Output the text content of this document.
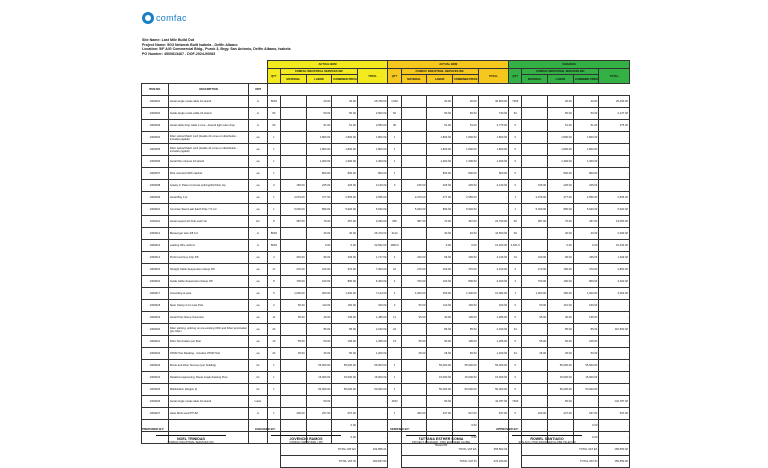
comfac
Site Name: Last Mile Build Out
Project Name: 5G3 Network Built Isabela - Delfin Albano
Location: 5/F A/G Commercial Bldg., Purok 3, Brgy. San Antonio, Delfin Albano, Isabela
PO Number: 4500813467 - DOF-2024-00083
			ACTUAL BOM					ACTUAL BOM					VARIANCE				
			QTY	COMFAC INDUSTRIAL SERVICES INC			TOTAL	QTY	COMFAC INDUSTRIAL SERVICES INC			TOTAL	QTY	COMFAC INDUSTRIAL SERVICES INC			TOTAL
				MATERIAL	LABOR	COMBINED PRICE			MATERIAL	LABOR	COMBINED PRICE			MATERIAL	LABOR	COMBINED PRICE	
ITEM NO.	DESCRIPTION	UNIT															
1000001	Aerial single mode cable 24 strand	m	8603		20.00	20.00	25,769.00	1,540		20.00	20.00	30,800.00	7063		20.00	20.00	25,460.00
1000002	Guide single mode cable 24 strand	m	50		50.00	50.00	2,500.00	52		50.00	50.00	730.00	52		50.00	50.00	2,147.00
1000003	Aerial cable drop cable 2 core - Aramid light outer drop	m	50		51.00	51.00	2,550.00	50		51.00	51.00	2,775.00	0		51.00	51.00	275.00
1000004	Fiber optical Patch cord (beside 24 cores on distribution - includes pigtails)	ea	1		1,800.00	1,800.00	1,800.00	1		1,800.00	1,800.00	1,800.00	0		1,800.00	1,800.00	-
1000005	Fiber optical Patch cord (beside 24 cores on distribution - includes pigtails)	ea	1		1,800.00	1,800.00	1,800.00	1		1,800.00	1,800.00	1,800.00	0		1,800.00	1,800.00	-
1000006	Aerial fiber closure 24 strand	ea	1		1,300.00	1,300.00	1,300.00	1		1,300.00	1,300.00	1,300.00	0		1,300.00	1,300.00	-
1000007	Pole mounted ODF cabinet	ea	1		800.00	800.00	800.00	1		800.00	800.00	800.00	0		800.00	800.00	-
1000008	Gravity in Place Concrete splicing/bld Fiber top	ea	3	165.00	225.00	225.00	3,130.00	3	165.00	225.00	225.00	3,130.00	0	165.00	225.00	225.00	-
1000009	Aerial Bay 3 pr	ea	1	2,079.00	477.00	2,556.00	2,556.00		2,079.00	477.00	2,556.00	-	1	2,079.00	477.00	2,556.00	2,556.00
1000010	Concrete Steel Lash Earth Pole 7.5 mtr	ea	1	5,030.00	890.00	5,920.00	5,920.00		5,030.00	890.00	5,920.00	-	1	5,030.00	890.00	5,920.00	5,920.00
1000011	Aerial support kit Pole Lash 1st	km	8	387.00	70.00	457.00	3,290.00	500	387.00	70.00	457.00	22,750.00	26	387.00	70.00	457.00	19,050.00
1000012	Messenger wire 3/8 1/4	m	8603		40.00	40.00	26,470.00	2114		40.00	40.00	44,560.00	26		40.00	40.00	2,090.00
1000013	Lashing Wire 4x0mm	m	8603		0.00	0.00	32,652.00	4080.0		0.00	0.00	16,320.00	4,521.0		0.00	0.00	16,332.00
1000014	Preformed Guy Grip 3/8	ea	4	340.00	96.00	436.00	1,717.00	4	340.00	96.00	436.00	2,136.00	13	340.00	96.00	436.00	1,309.00
1000015	Straight Cable Suspension Clamp 3/8	ea	17	270.00	100.00	370.00	7,000.00	12	270.00	100.00	370.00	3,150.00	2	270.00	100.00	370.00	3,850.00
1000016	Guide Cable Suspension Clamp 3/8	ea	8	700.00	100.00	800.00	6,400.00	4	700.00	100.00	800.00	3,200.00	4	700.00	100.00	800.00	3,200.00
1000017	Grounding at pole	ea	5	1,000.00	300.00	1,300.00	7,143.00	4	1,000.00	300.00	1,300.00	10,082.00	1	1,000.00	300.00	1,300.00	3,062.00
1000018	Span Clamp 2 ton Last Pole	ea	2	50.00	110.00	160.00	320.00	2	50.00	110.00	160.00	320.00	0	50.00	110.00	160.00	-
1000019	Aerial Pole Clamp Universal	ea	11	95.00	40.00	135.00	1,485.00	11	95.00	40.00	135.00	1,485.00	0	95.00	40.00	135.00	-
1000020	Fiber splicing, splicing on pre-existing ODF and Fiber termination (per fiber)	ea	24		85.00	85.00	2,040.00	24		85.00	85.00	2,040.00	24		85.00	85.00	110,500.00
1000021	Fiber Termination per fiber	ea	13	55.00	50.00	105.00	1,365.00	13	55.00	50.00	105.00	1,365.00	0	55.00	50.00	105.00	-
1000022	OTDR Test Reading - includes OTDR Test	ea	24	25.00	25.00	50.00	1,200.00		25.00	25.00	50.00	1,200.00	24	25.00	25.00	50.00	-
1000023	Route and Fiber Surveys (per building)	lot	1		55,000.00	55,000.00	55,000.00	1		55,000.00	55,000.00	55,000.00	0		55,000.00	55,000.00	-
1000024	Detailed engineering, Route single drawing Prep	lot	1		15,000.00	15,000.00	15,000.00	1		15,000.00	15,000.00	15,000.00	0		15,000.00	15,000.00	-
1000025	Mobilization (Region 2)	lot	1		50,000.00	50,000.00	50,000.00	1		50,000.00	50,000.00	50,000.00	0		50,000.00	50,000.00	-
1000026	Aerial single mode cable 24 strand	meter			50.00		-	1543		50.00		42,787.00	7463		50.00		142,787.00
1000027	Hoist Rock used PTUM	m	1	400.00	237.00	637.00	-	1	400.00	237.00	637.00	637.00	0	400.00	237.00	637.00	637.00
						0.00	-				0.00	-				0.00	-
						0.00	-				0.00	-				0.00	-
				TOTAL VAT EX			324,855.21		TOTAL VAT EX			255,562.32		TOTAL VAT EX			158,550.00
				TOTAL VAT IN			363,837.83		TOTAL VAT IN			276,330.00		TOTAL VAT IN			156,550.00
PREPARED BY:
NOEL TRINIDAD
COMFAC INDUSTRIAL SERVICES INC.
CHECKED BY:
JOVENCIO RAMOS
COMFAC INDUSTRIAL / PM
VERIFIED BY:
TATYANA ESTHER COMIA
PROJECT MANAGER - PMO ENGINEER GLOBE TELECOM
APPROVED BY:
ROWEL SANTIAGO
SITE ACQ / PMO ENGINEER GLOBE TELECOM
